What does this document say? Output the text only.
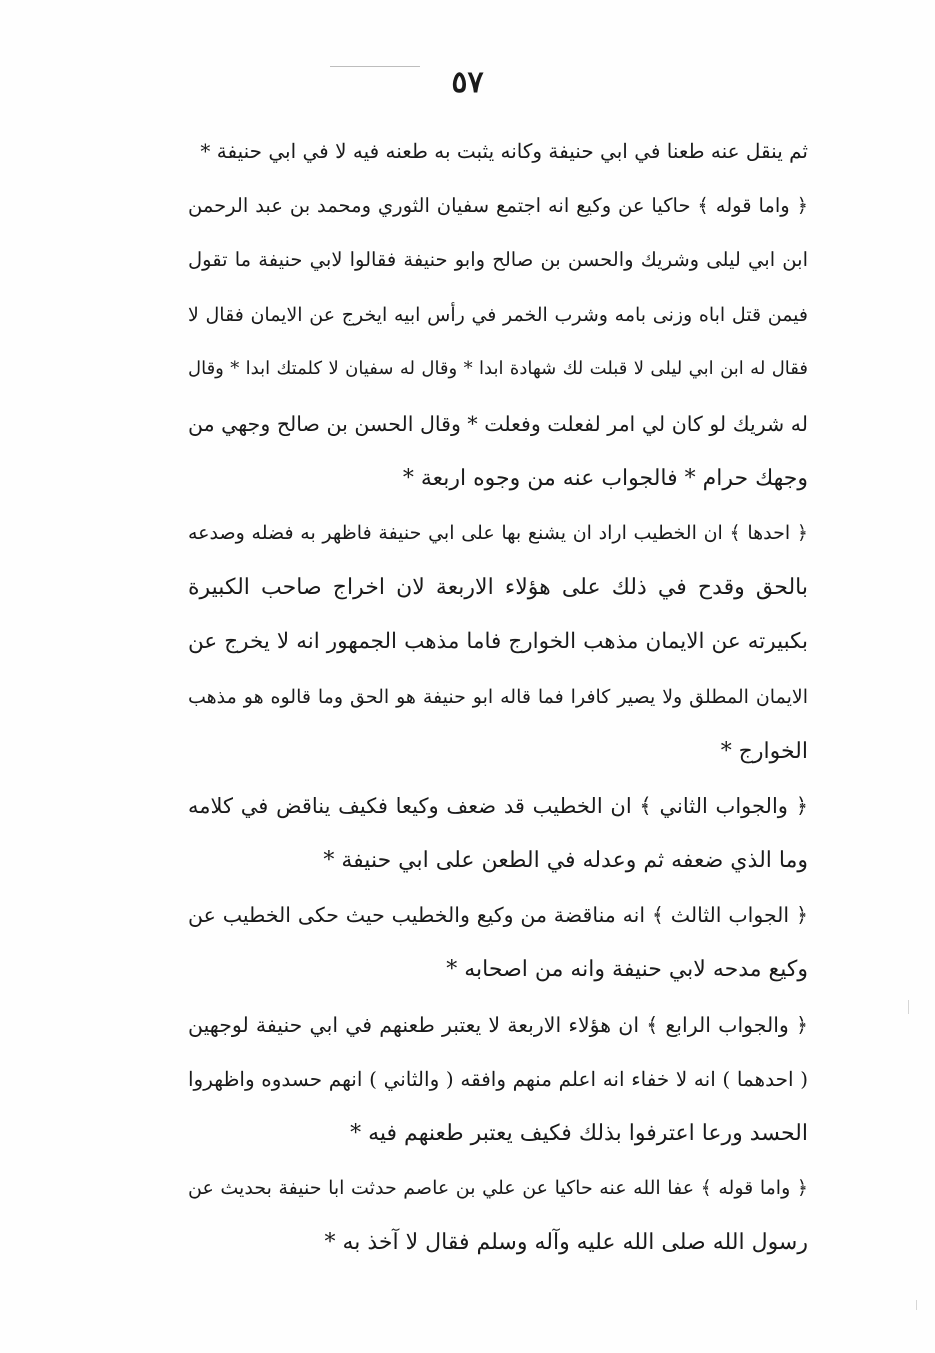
٥٧
ثم ينقل عنه طعنا في ابي حنيفة وكانه يثبت به طعنه فيه لا في ابي حنيفة *
﴿ واما قوله ﴾ حاكيا عن وكيع انه اجتمع سفيان الثوري ومحمد بن عبد الرحمن
ابن ابي ليلى وشريك والحسن بن صالح وابو حنيفة فقالوا لابي حنيفة ما تقول
فيمن قتل اباه وزنى بامه وشرب الخمر في رأس ابيه ايخرج عن الايمان فقال لا
فقال له ابن ابي ليلى لا قبلت لك شهادة ابدا * وقال له سفيان لا كلمتك ابدا * وقال
له شريك لو كان لي امر لفعلت وفعلت * وقال الحسن بن صالح وجهي من
وجهك حرام * فالجواب عنه من وجوه اربعة *
﴿ احدها ﴾ ان الخطيب اراد ان يشنع بها على ابي حنيفة فاظهر به فضله وصدعه
بالحق وقدح في ذلك على هؤلاء الاربعة لان اخراج صاحب الكبيرة
بكبيرته عن الايمان مذهب الخوارج فاما مذهب الجمهور انه لا يخرج عن
الايمان المطلق ولا يصير كافرا فما قاله ابو حنيفة هو الحق وما قالوه هو مذهب
الخوارج *
﴿ والجواب الثاني ﴾ ان الخطيب قد ضعف وكيعا فكيف يناقض في كلامه
وما الذي ضعفه ثم وعدله في الطعن على ابي حنيفة *
﴿ الجواب الثالث ﴾ انه مناقضة من وكيع والخطيب حيث حكى الخطيب عن
وكيع مدحه لابي حنيفة وانه من اصحابه *
﴿ والجواب الرابع ﴾ ان هؤلاء الاربعة لا يعتبر طعنهم في ابي حنيفة لوجهين
( احدهما ) انه لا خفاء انه اعلم منهم وافقه ( والثاني ) انهم حسدوه واظهروا
الحسد ورعا اعترفوا بذلك فكيف يعتبر طعنهم فيه *
﴿ واما قوله ﴾ عفا الله عنه حاكيا عن علي بن عاصم حدثت ابا حنيفة بحديث عن
رسول الله صلى الله عليه وآله وسلم فقال لا آخذ به *
